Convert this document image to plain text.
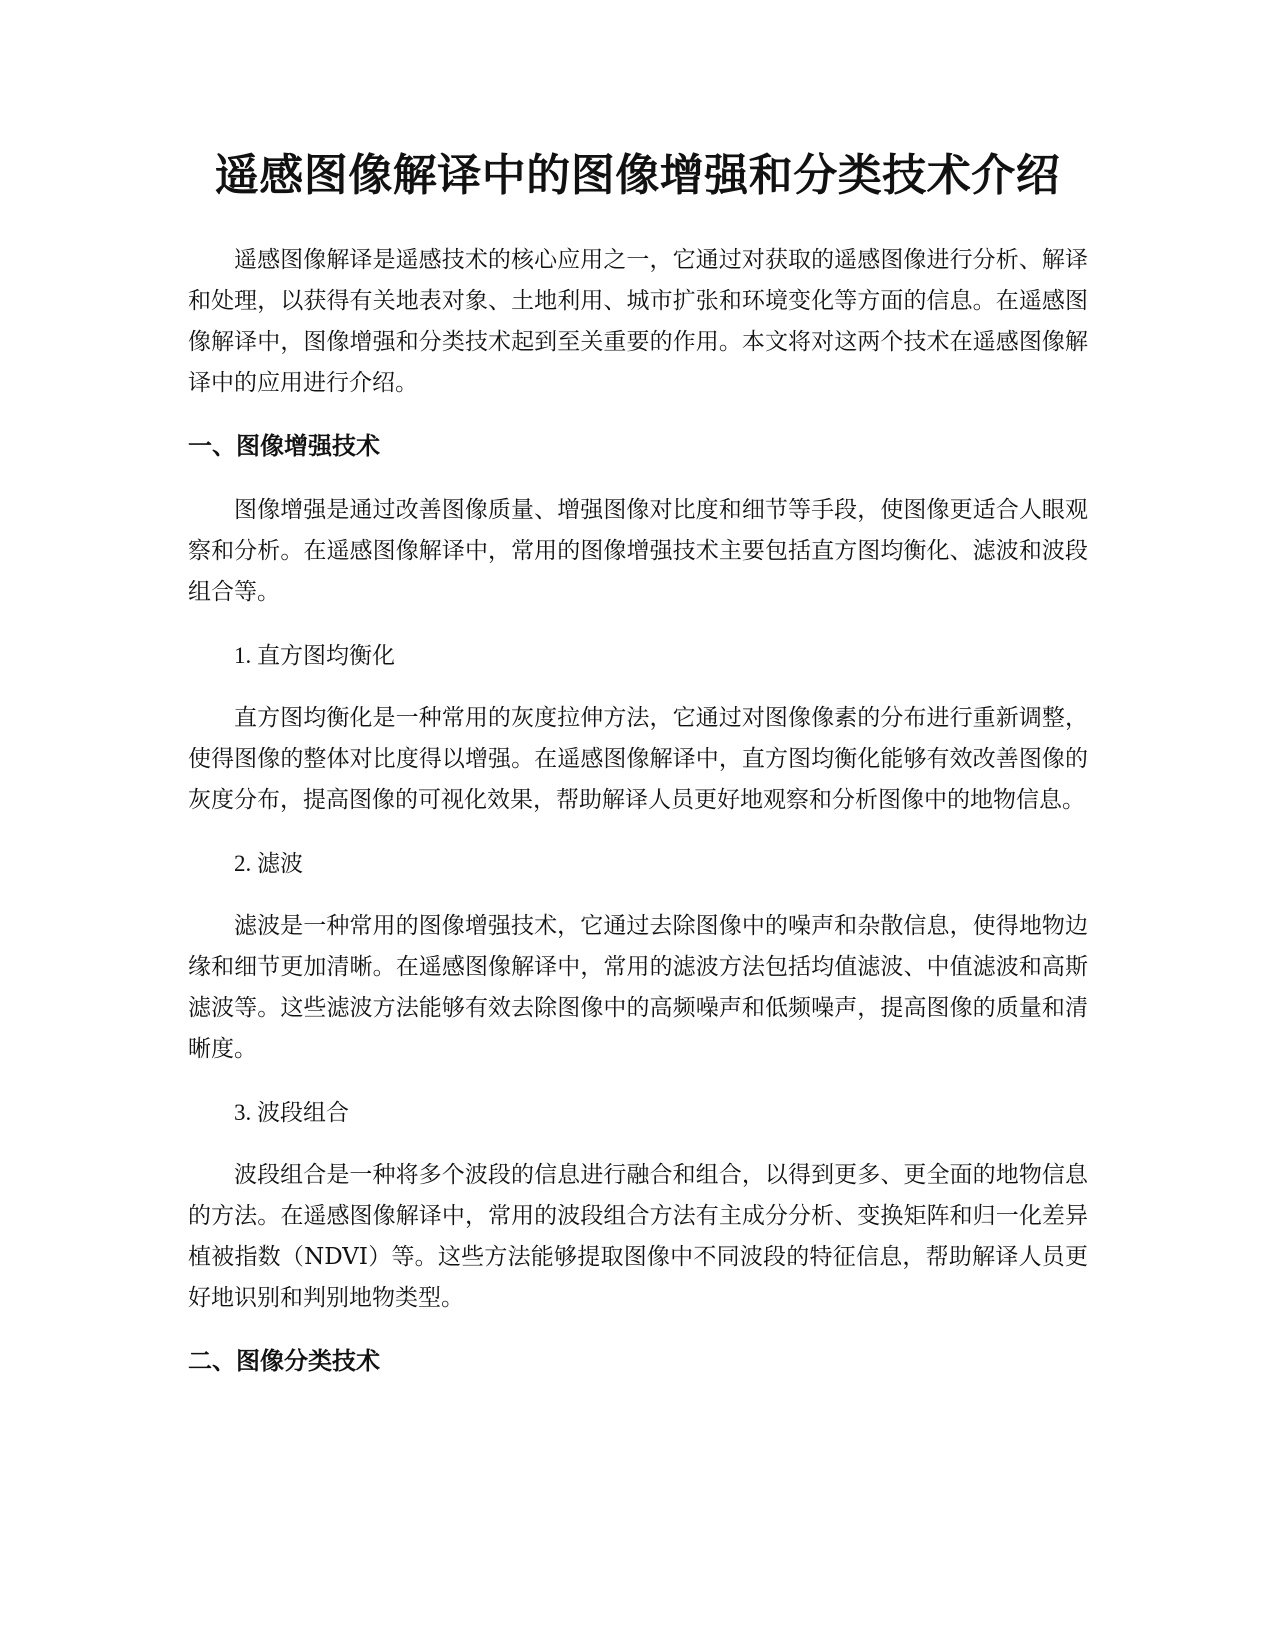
遥感图像解译中的图像增强和分类技术介绍

遥感图像解译是遥感技术的核心应用之一，它通过对获取的遥感图像进行分析、解译和处理，以获得有关地表对象、土地利用、城市扩张和环境变化等方面的信息。在遥感图像解译中，图像增强和分类技术起到至关重要的作用。本文将对这两个技术在遥感图像解译中的应用进行介绍。

一、图像增强技术

图像增强是通过改善图像质量、增强图像对比度和细节等手段，使图像更适合人眼观察和分析。在遥感图像解译中，常用的图像增强技术主要包括直方图均衡化、滤波和波段组合等。

1. 直方图均衡化

直方图均衡化是一种常用的灰度拉伸方法，它通过对图像像素的分布进行重新调整，使得图像的整体对比度得以增强。在遥感图像解译中，直方图均衡化能够有效改善图像的灰度分布，提高图像的可视化效果，帮助解译人员更好地观察和分析图像中的地物信息。

2. 滤波

滤波是一种常用的图像增强技术，它通过去除图像中的噪声和杂散信息，使得地物边缘和细节更加清晰。在遥感图像解译中，常用的滤波方法包括均值滤波、中值滤波和高斯滤波等。这些滤波方法能够有效去除图像中的高频噪声和低频噪声，提高图像的质量和清晰度。

3. 波段组合

波段组合是一种将多个波段的信息进行融合和组合，以得到更多、更全面的地物信息的方法。在遥感图像解译中，常用的波段组合方法有主成分分析、变换矩阵和归一化差异植被指数（NDVI）等。这些方法能够提取图像中不同波段的特征信息，帮助解译人员更好地识别和判别地物类型。

二、图像分类技术
